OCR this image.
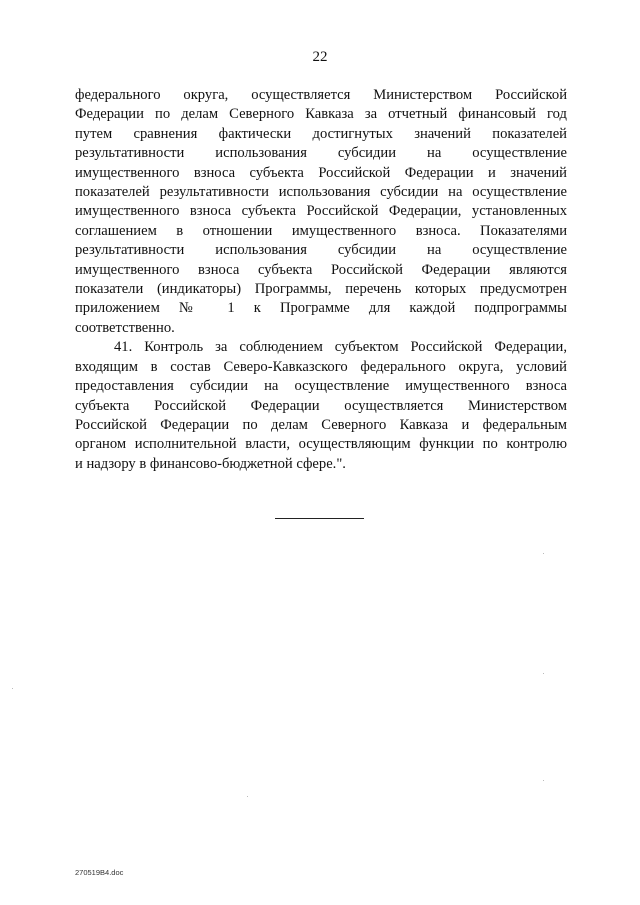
22
федерального округа, осуществляется Министерством Российской
Федерации по делам Северного Кавказа за отчетный финансовый год
путем сравнения фактически достигнутых значений показателей
результативности использования субсидии на осуществление
имущественного взноса субъекта Российской Федерации и значений
показателей результативности использования субсидии на осуществление
имущественного взноса субъекта Российской Федерации, установленных
соглашением в отношении имущественного взноса. Показателями
результативности использования субсидии на осуществление
имущественного взноса субъекта Российской Федерации являются
показатели (индикаторы) Программы, перечень которых предусмотрен
приложением № 1 к Программе для каждой подпрограммы
соответственно.
41. Контроль за соблюдением субъектом Российской Федерации,
входящим в состав Северо-Кавказского федерального округа, условий
предоставления субсидии на осуществление имущественного взноса
субъекта Российской Федерации осуществляется Министерством
Российской Федерации по делам Северного Кавказа и федеральным
органом исполнительной власти, осуществляющим функции по контролю
и надзору в финансово-бюджетной сфере.".
270519B4.doc
